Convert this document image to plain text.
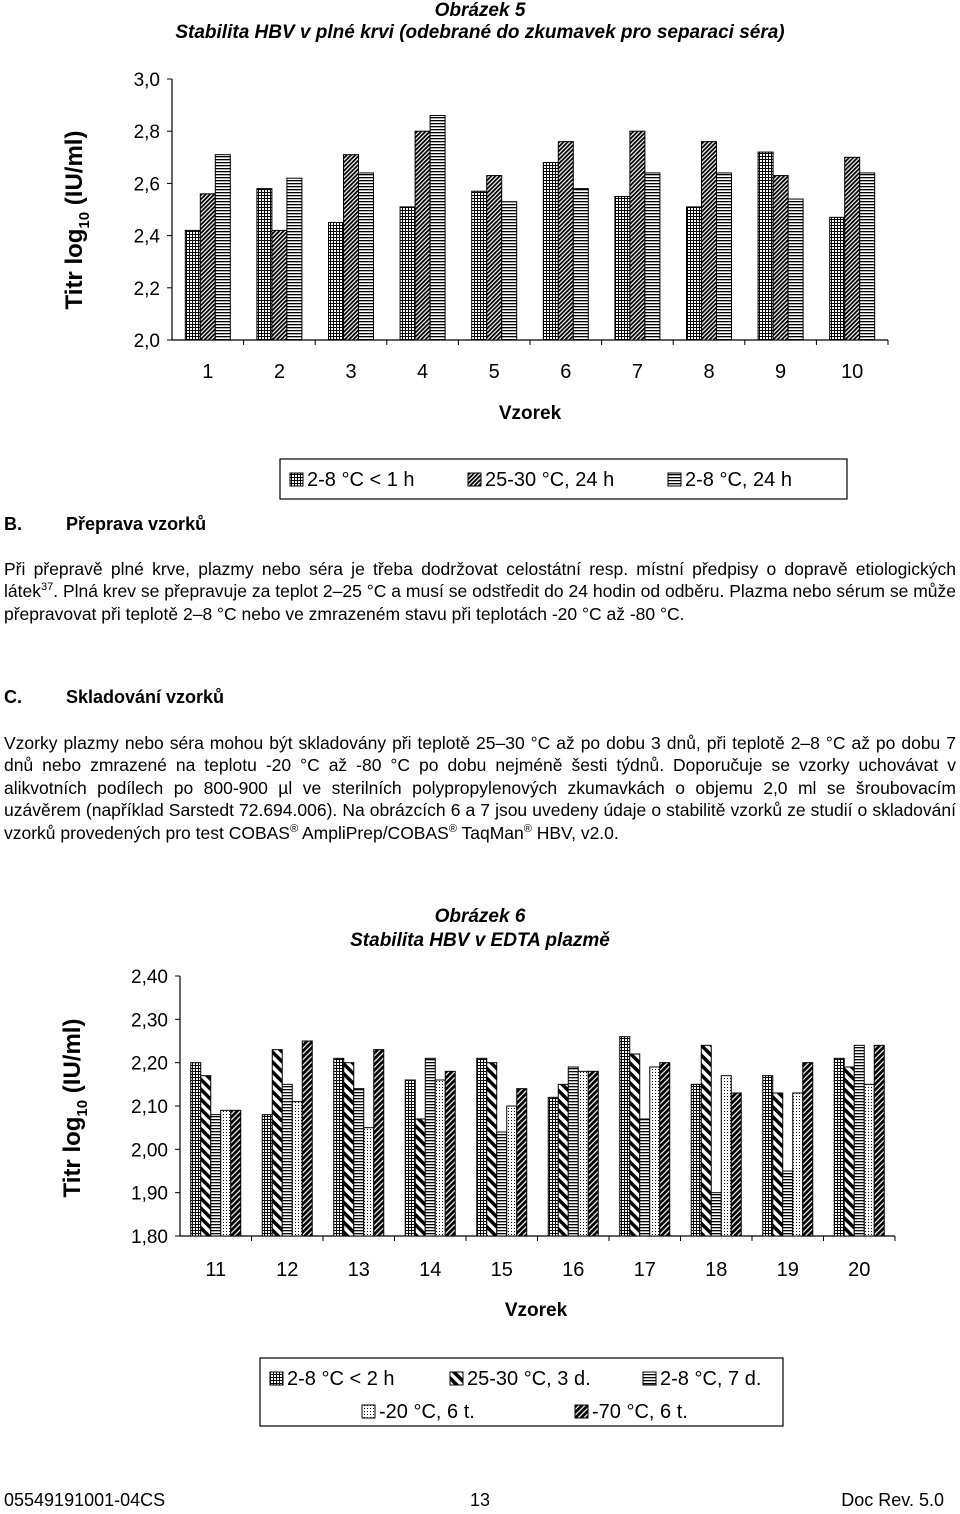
Obrázek 5
Stabilita HBV v plné krvi (odebrané do zkumavek pro separaci séra)
Titr $\log_{10} (IU/ml)$
2,0
2,2
2,4
2,6
2,8
3,0
1	2	3	4	5	6	7	8	9	10
Vzorek
2-8 °C < 1 h	25-30 °C, 24 h	2-8 °C, 24 h
B. Přeprava vzorků
Při přepravě plné krve, plazmy nebo séra je třeba dodržovat celostátní resp. místní předpisy o dopravě etiologických látek$^{37}$. Plná krev se přepravuje za teplot 2–25 °C a musí se odstředit do 24 hodin od odběru. Plazma nebo sérum se může přepravovat při teplotě 2–8 °C nebo ve zmrazeném stavu při teplotách -20 °C až -80 °C.
C. Skladování vzorků
Vzorky plazmy nebo séra mohou být skladovány při teplotě 25–30 °C až po dobu 3 dnů, při teplotě 2–8 °C až po dobu 7 dnů nebo zmrazené na teplotu -20 °C až -80 °C po dobu nejméně šesti týdnů. Doporučuje se vzorky uchovávat v alikvotních podílech po 800-900 µl ve sterilních polypropylenových zkumavkách o objemu 2,0 ml se šroubovacím uzávěrem (například Sarstedt 72.694.006). Na obrázcích 6 a 7 jsou uvedeny údaje o stabilitě vzorků ze studií o skladování vzorků provedených pro test COBAS® AmpliPrep/COBAS® TaqMan® HBV, v2.0.
Obrázek 6
Stabilita HBV v EDTA plazmě
Titr $\log_{10} (IU/ml)$
1,80
1,90
2,00
2,10
2,20
2,30
2,40
11 12 13 14 15 16 17 18 19 20
Vzorek
2-8 °C < 2 h	25-30 °C, 3 d.	2-8 °C, 7 d.
-20 °C, 6 t.	-70 °C, 6 t.
05549191001-04CS	13	Doc Rev. 5.0
